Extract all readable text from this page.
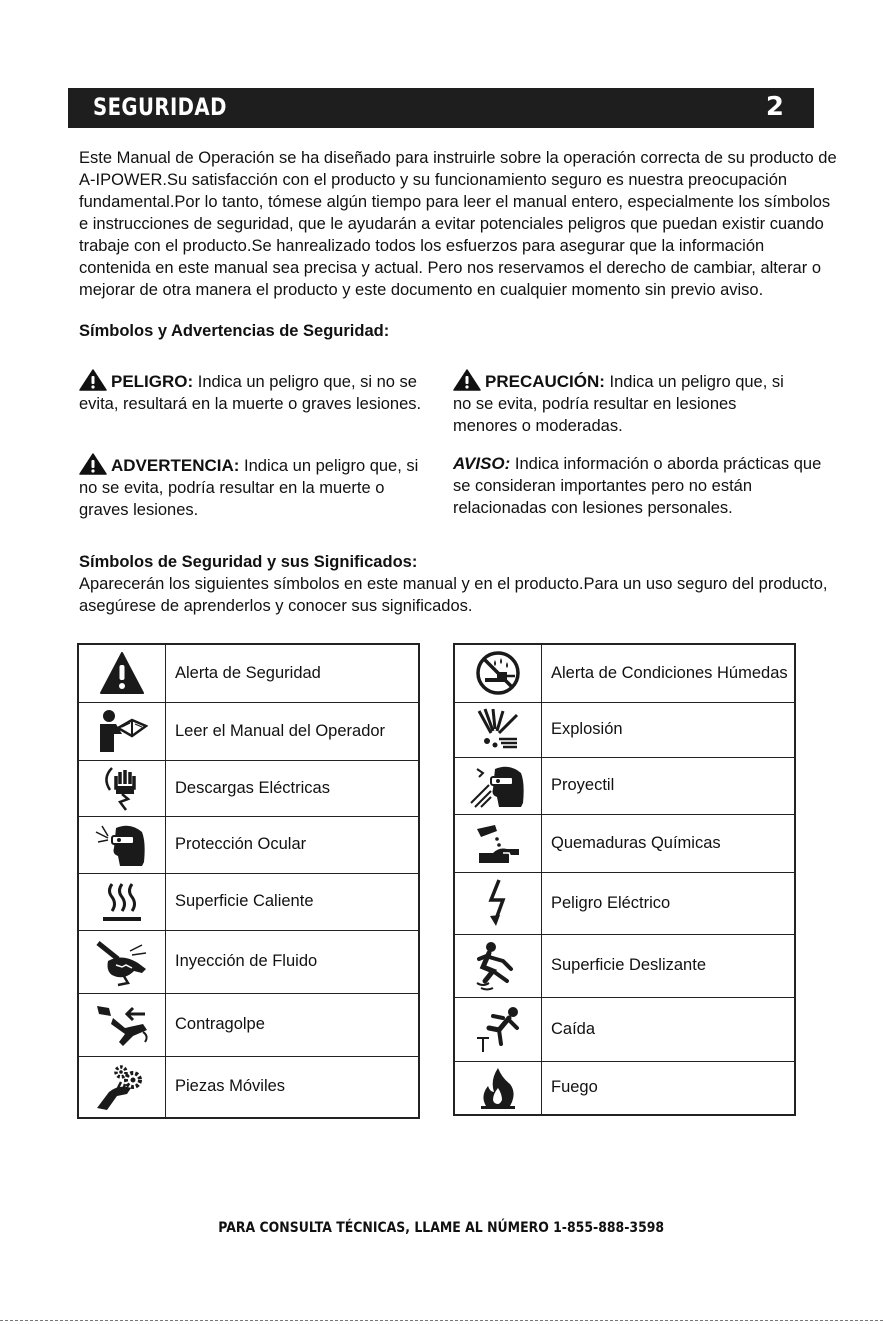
SEGURIDAD	2

Este Manual de Operación se ha diseñado para instruirle sobre la operación correcta de su producto de A-IPOWER.Su satisfacción con el producto y su funcionamiento seguro es nuestra preocupación fundamental.Por lo tanto, tómese algún tiempo para leer el manual entero, especialmente los símbolos e instrucciones de seguridad, que le ayudarán a evitar potenciales peligros que puedan existir cuando trabaje con el producto.Se hanrealizado todos los esfuerzos para asegurar que la información contenida en este manual sea precisa y actual. Pero nos reservamos el derecho de cambiar, alterar o mejorar de otra manera el producto y este documento en cualquier momento sin previo aviso.

Símbolos y Advertencias de Seguridad:

PELIGRO: Indica un peligro que, si no se evita, resultará en la muerte o graves lesiones.

PRECAUCIÓN: Indica un peligro que, si no se evita, podría resultar en lesiones menores o moderadas.

ADVERTENCIA: Indica un peligro que, si no se evita, podría resultar en la muerte o graves lesiones.

AVISO: Indica información o aborda prácticas que se consideran importantes pero no están relacionadas con lesiones personales.

Símbolos de Seguridad y sus Significados:

Aparecerán los siguientes símbolos en este manual y en el producto.Para un uso seguro del producto, asegúrese de aprenderlos y conocer sus significados.

	Alerta de Seguridad

	Leer el Manual del Operador

	Descargas Eléctricas

	Protección Ocular

	Superficie Caliente

	Inyección de Fluido

	Contragolpe

	Piezas Móviles
	Alerta de Condiciones Húmedas

	Explosión

	Proyectil

	Quemaduras Químicas

	Peligro Eléctrico

	Superficie Deslizante

	Caída

	Fuego
PARA CONSULTA TÉCNICAS, LLAME AL NÚMERO 1-855-888-3598
